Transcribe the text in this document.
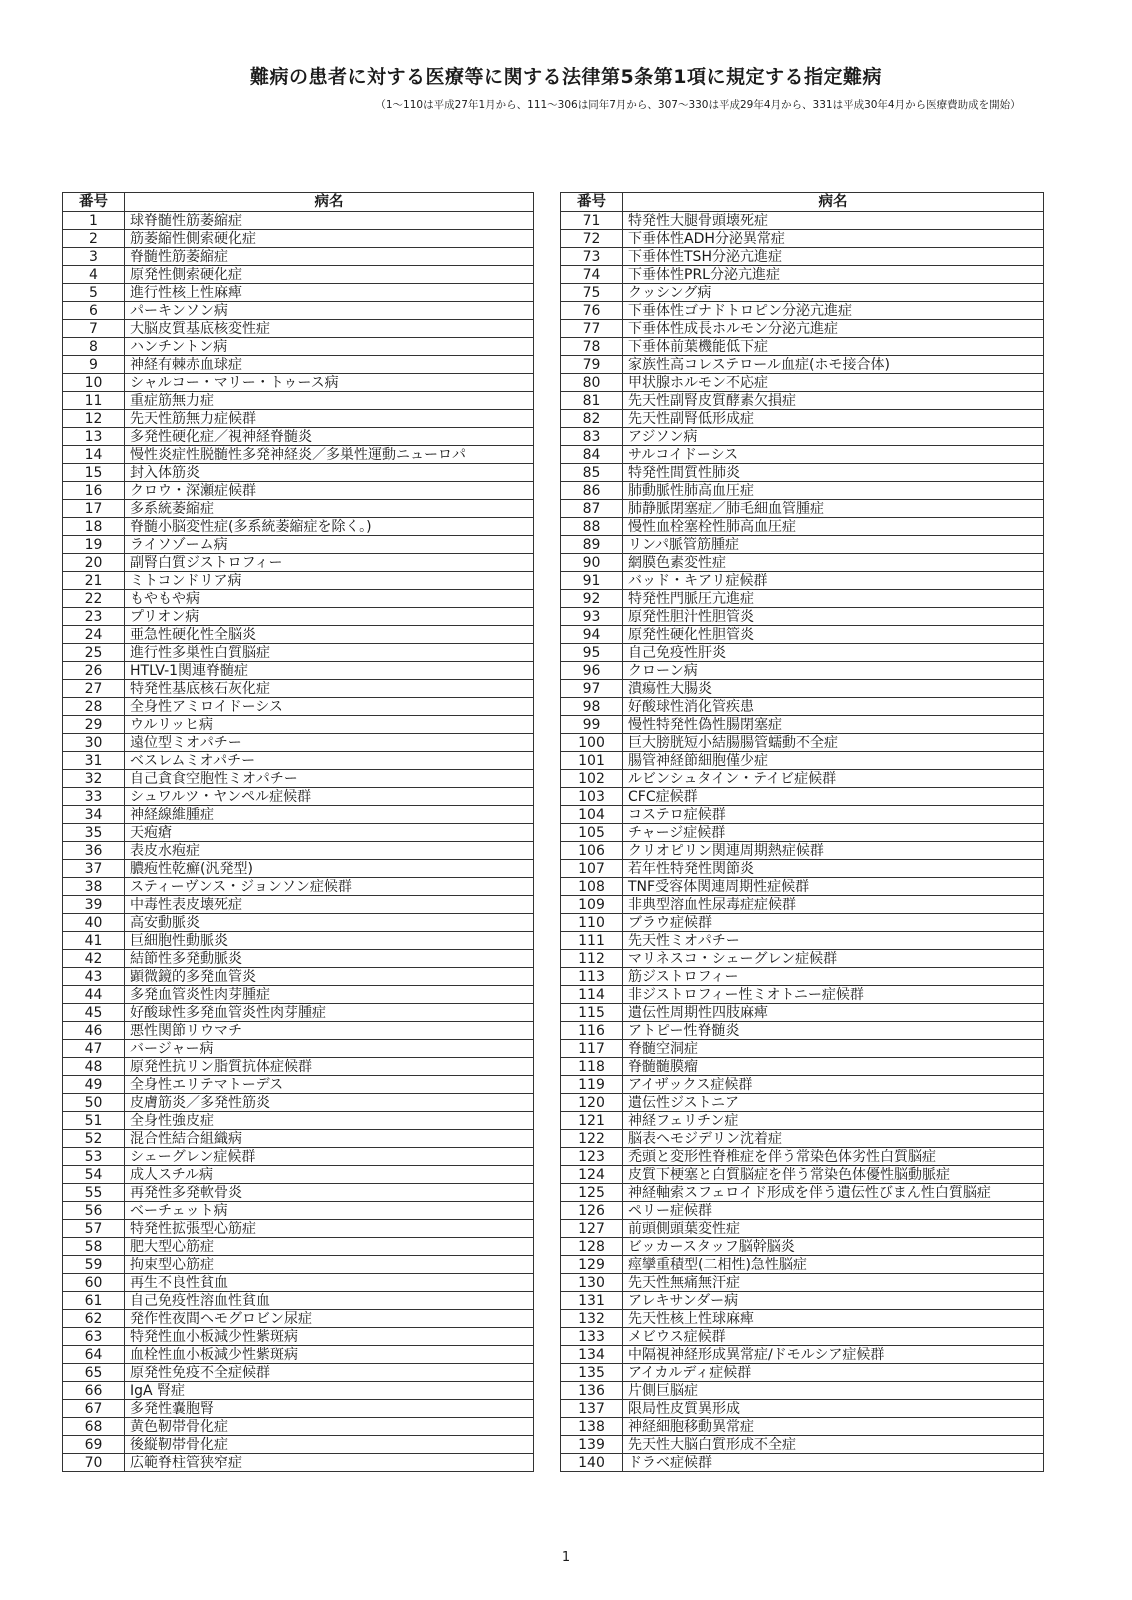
難病の患者に対する医療等に関する法律第5条第1項に規定する指定難病
（1～110は平成27年1月から、111～306は同年7月から、307～330は平成29年4月から、331は平成30年4月から医療費助成を開始）
番号	病名
1	球脊髄性筋萎縮症
2	筋萎縮性側索硬化症
3	脊髄性筋萎縮症
4	原発性側索硬化症
5	進行性核上性麻痺
6	パーキンソン病
7	大脳皮質基底核変性症
8	ハンチントン病
9	神経有棘赤血球症
10	シャルコー・マリー・トゥース病
11	重症筋無力症
12	先天性筋無力症候群
13	多発性硬化症／視神経脊髄炎
14	慢性炎症性脱髄性多発神経炎／多巣性運動ニューロパ
15	封入体筋炎
16	クロウ・深瀬症候群
17	多系統萎縮症
18	脊髄小脳変性症(多系統萎縮症を除く。)
19	ライソゾーム病
20	副腎白質ジストロフィー
21	ミトコンドリア病
22	もやもや病
23	プリオン病
24	亜急性硬化性全脳炎
25	進行性多巣性白質脳症
26	HTLV-1関連脊髄症
27	特発性基底核石灰化症
28	全身性アミロイドーシス
29	ウルリッヒ病
30	遠位型ミオパチー
31	ベスレムミオパチー
32	自己貪食空胞性ミオパチー
33	シュワルツ・ヤンペル症候群
34	神経線維腫症
35	天疱瘡
36	表皮水疱症
37	膿疱性乾癬(汎発型)
38	スティーヴンス・ジョンソン症候群
39	中毒性表皮壊死症
40	高安動脈炎
41	巨細胞性動脈炎
42	結節性多発動脈炎
43	顕微鏡的多発血管炎
44	多発血管炎性肉芽腫症
45	好酸球性多発血管炎性肉芽腫症
46	悪性関節リウマチ
47	バージャー病
48	原発性抗リン脂質抗体症候群
49	全身性エリテマトーデス
50	皮膚筋炎／多発性筋炎
51	全身性強皮症
52	混合性結合組織病
53	シェーグレン症候群
54	成人スチル病
55	再発性多発軟骨炎
56	ベーチェット病
57	特発性拡張型心筋症
58	肥大型心筋症
59	拘束型心筋症
60	再生不良性貧血
61	自己免疫性溶血性貧血
62	発作性夜間ヘモグロビン尿症
63	特発性血小板減少性紫斑病
64	血栓性血小板減少性紫斑病
65	原発性免疫不全症候群
66	IgA 腎症
67	多発性嚢胞腎
68	黄色靭帯骨化症
69	後縦靭帯骨化症
70	広範脊柱管狭窄症
番号	病名
71	特発性大腿骨頭壊死症
72	下垂体性ADH分泌異常症
73	下垂体性TSH分泌亢進症
74	下垂体性PRL分泌亢進症
75	クッシング病
76	下垂体性ゴナドトロピン分泌亢進症
77	下垂体性成長ホルモン分泌亢進症
78	下垂体前葉機能低下症
79	家族性高コレステロール血症(ホモ接合体)
80	甲状腺ホルモン不応症
81	先天性副腎皮質酵素欠損症
82	先天性副腎低形成症
83	アジソン病
84	サルコイドーシス
85	特発性間質性肺炎
86	肺動脈性肺高血圧症
87	肺静脈閉塞症／肺毛細血管腫症
88	慢性血栓塞栓性肺高血圧症
89	リンパ脈管筋腫症
90	網膜色素変性症
91	バッド・キアリ症候群
92	特発性門脈圧亢進症
93	原発性胆汁性胆管炎
94	原発性硬化性胆管炎
95	自己免疫性肝炎
96	クローン病
97	潰瘍性大腸炎
98	好酸球性消化管疾患
99	慢性特発性偽性腸閉塞症
100	巨大膀胱短小結腸腸管蠕動不全症
101	腸管神経節細胞僅少症
102	ルビンシュタイン・テイビ症候群
103	CFC症候群
104	コステロ症候群
105	チャージ症候群
106	クリオピリン関連周期熱症候群
107	若年性特発性関節炎
108	TNF受容体関連周期性症候群
109	非典型溶血性尿毒症症候群
110	ブラウ症候群
111	先天性ミオパチー
112	マリネスコ・シェーグレン症候群
113	筋ジストロフィー
114	非ジストロフィー性ミオトニー症候群
115	遺伝性周期性四肢麻痺
116	アトピー性脊髄炎
117	脊髄空洞症
118	脊髄髄膜瘤
119	アイザックス症候群
120	遺伝性ジストニア
121	神経フェリチン症
122	脳表ヘモジデリン沈着症
123	禿頭と変形性脊椎症を伴う常染色体劣性白質脳症
124	皮質下梗塞と白質脳症を伴う常染色体優性脳動脈症
125	神経軸索スフェロイド形成を伴う遺伝性びまん性白質脳症
126	ペリー症候群
127	前頭側頭葉変性症
128	ビッカースタッフ脳幹脳炎
129	痙攣重積型(二相性)急性脳症
130	先天性無痛無汗症
131	アレキサンダー病
132	先天性核上性球麻痺
133	メビウス症候群
134	中隔視神経形成異常症/ドモルシア症候群
135	アイカルディ症候群
136	片側巨脳症
137	限局性皮質異形成
138	神経細胞移動異常症
139	先天性大脳白質形成不全症
140	ドラベ症候群
1
